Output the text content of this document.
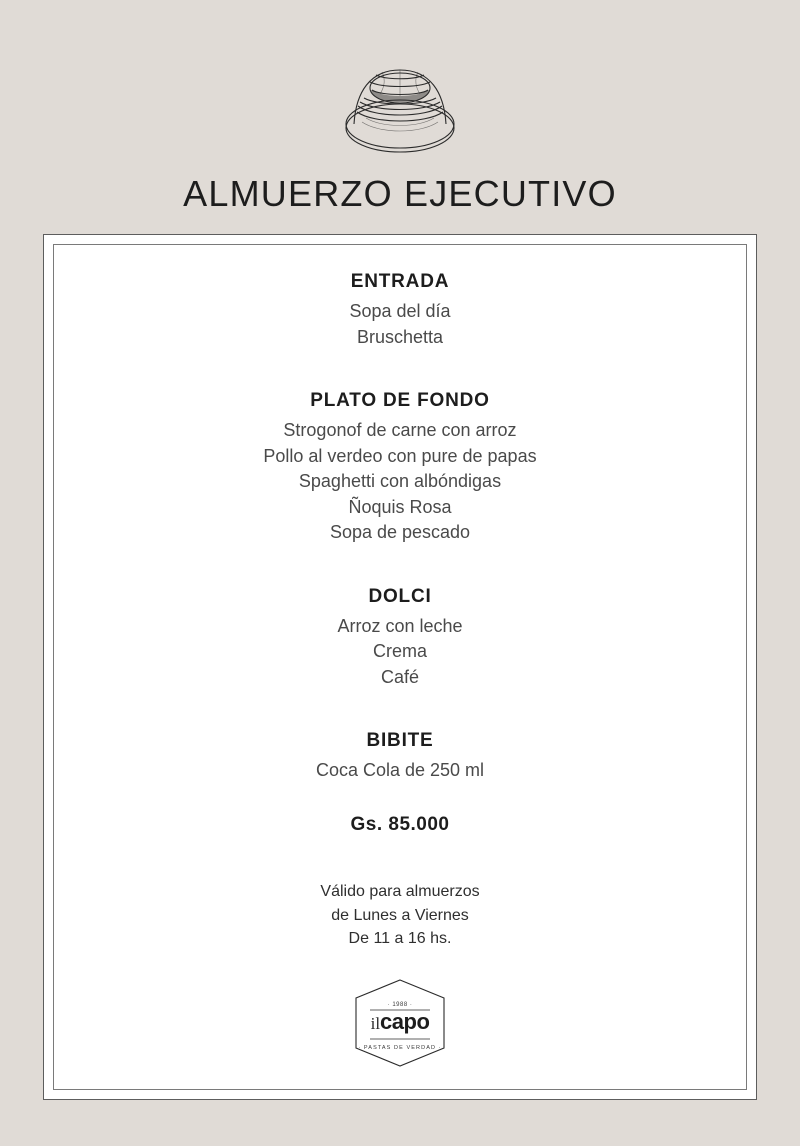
ALMUERZO EJECUTIVO
ENTRADA
Sopa del día
Bruschetta
PLATO DE FONDO
Strogonof de carne con arroz
Pollo al verdeo con pure de papas
Spaghetti con albóndigas
Ñoquis Rosa
Sopa de pescado
DOLCI
Arroz con leche
Crema
Café
BIBITE
Coca Cola de 250 ml
Gs. 85.000
Válido para almuerzos
de Lunes a Viernes
De 11 a 16 hs.
· 1988 ·
ilcapo
· PASTAS DE VERDAD ·
